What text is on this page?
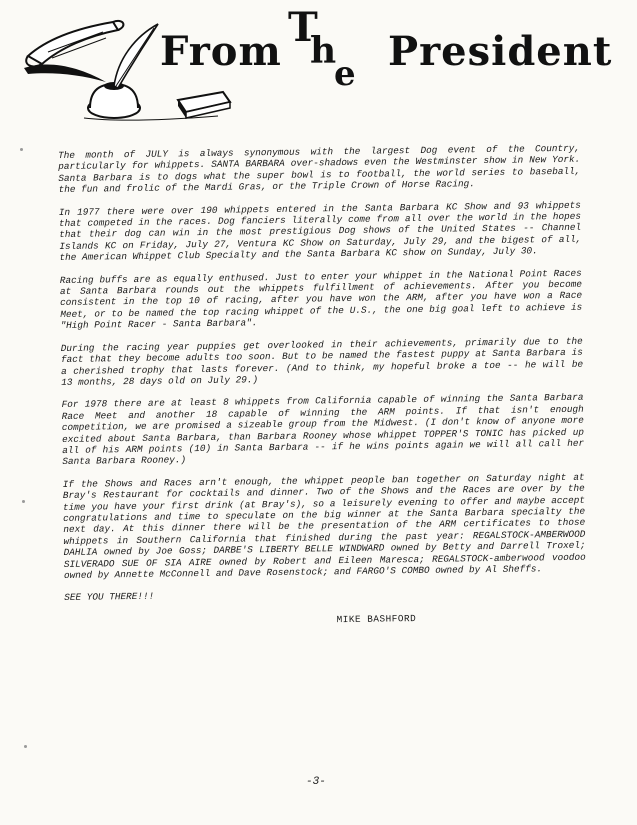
From
T
h
e President

The month of JULY is always synonymous with the largest Dog event of the Country, particularly for whippets. SANTA BARBARA over-shadows even the Westminster show in New York. Santa Barbara is to dogs what the super bowl is to football, the world series to baseball, the fun and frolic of the Mardi Gras, or the Triple Crown of Horse Racing.

In 1977 there were over 190 whippets entered in the Santa Barbara KC Show and 93 whippets that competed in the races. Dog fanciers literally come from all over the world in the hopes that their dog can win in the most prestigious Dog shows of the United States -- Channel Islands KC on Friday, July 27, Ventura KC Show on Saturday, July 29, and the bigest of all, the American Whippet Club Specialty and the Santa Barbara KC show on Sunday, July 30.

Racing buffs are as equally enthused. Just to enter your whippet in the National Point Races at Santa Barbara rounds out the whippets fulfillment of achievements. After you become consistent in the top 10 of racing, after you have won the ARM, after you have won a Race Meet, or to be named the top racing whippet of the U.S., the one big goal left to achieve is "High Point Racer - Santa Barbara".

During the racing year puppies get overlooked in their achievements, primarily due to the fact that they become adults too soon. But to be named the fastest puppy at Santa Barbara is a cherished trophy that lasts forever. (And to think, my hopeful broke a toe -- he will be 13 months, 28 days old on July 29.)

For 1978 there are at least 8 whippets from California capable of winning the Santa Barbara Race Meet and another 18 capable of winning the ARM points. If that isn't enough competition, we are promised a sizeable group from the Midwest. (I don't know of anyone more excited about Santa Barbara, than Barbara Rooney whose whippet TOPPER'S TONIC has picked up all of his ARM points (10) in Santa Barbara -- if he wins points again we will all call her Santa Barbara Rooney.)

If the Shows and Races arn't enough, the whippet people ban together on Saturday night at Bray's Restaurant for cocktails and dinner. Two of the Shows and the Races are over by the time you have your first drink (at Bray's), so a leisurely evening to offer and maybe accept congratulations and time to speculate on the big winner at the Santa Barbara specialty the next day. At this dinner there will be the presentation of the ARM certificates to those whippets in Southern California that finished during the past year: REGALSTOCK-AMBERWOOD DAHLIA owned by Joe Goss; DARBE'S LIBERTY BELLE WINDWARD owned by Betty and Darrell Troxel; SILVERADO SUE OF SIA AIRE owned by Robert and Eileen Maresca; REGALSTOCK-amberwood voodoo owned by Annette McConnell and Dave Rosenstock; and FARGO'S COMBO owned by Al Sheffs.

SEE YOU THERE!!!
MIKE BASHFORD
-3-
